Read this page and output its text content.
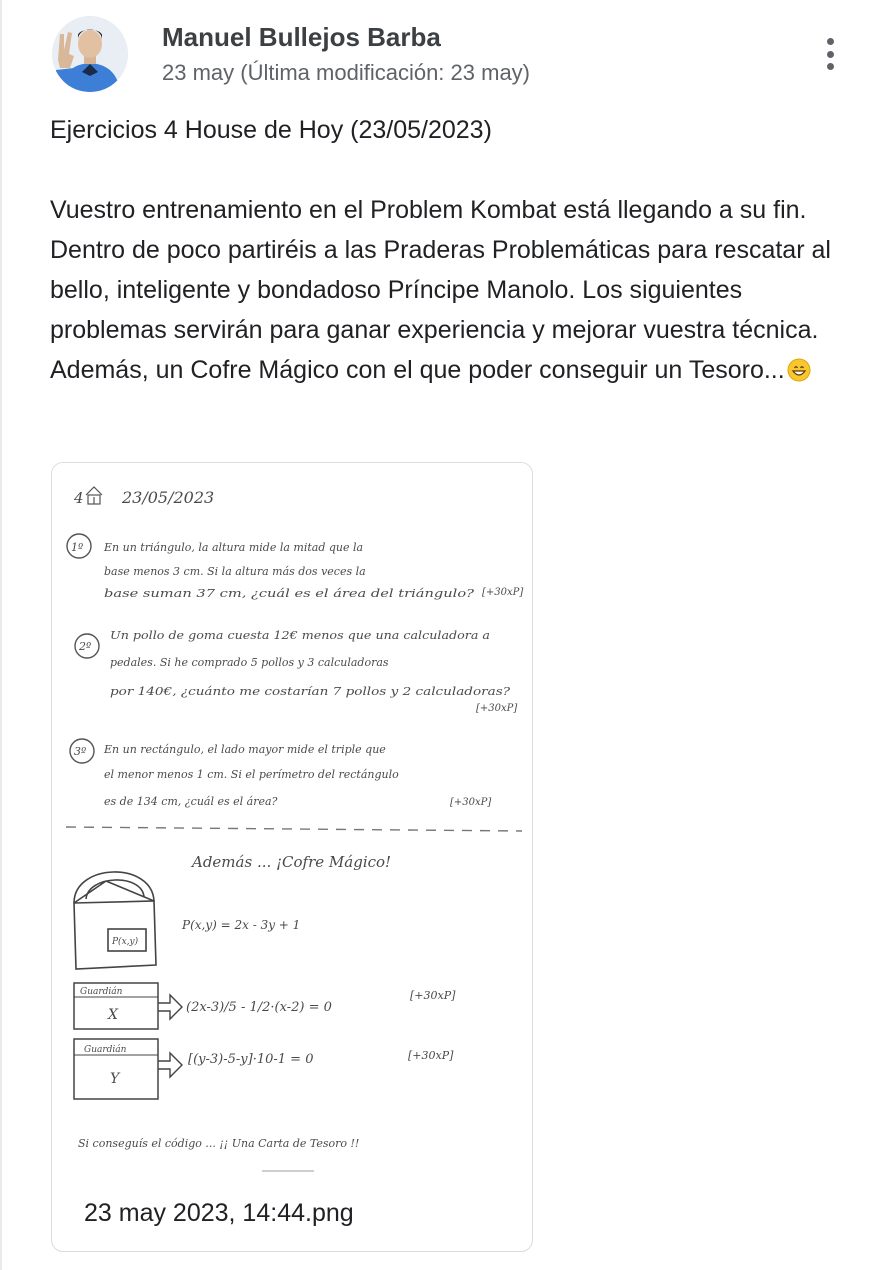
Manuel Bullejos Barba
23 may (Última modificación: 23 may)
Ejercicios 4 House de Hoy (23/05/2023)

Vuestro entrenamiento en el Problem Kombat está llegando a su fin. Dentro de poco partiréis a las Praderas Problemáticas para rescatar al bello, inteligente y bondadoso Príncipe Manolo. Los siguientes problemas servirán para ganar experiencia y mejorar vuestra técnica. Además, un Cofre Mágico con el que poder conseguir un Tesoro...

4 23/05/2023
1º En un triángulo, la altura mide la mitad que la
base menos 3 cm. Si la altura más dos veces la
base suman 37 cm, ¿cuál es el área del triángulo? [+30xP]
2º
Un pollo de goma cuesta 12€ menos que una calculadora a
pedales. Si he comprado 5 pollos y 3 calculadoras
por 140€, ¿cuánto me costarían 7 pollos y 2 calculadoras?
[+30xP]
3º En un rectángulo, el lado mayor mide el triple que
el menor menos 1 cm. Si el perímetro del rectángulo
es de 134 cm, ¿cuál es el área?	[+30xP]
Además ... ¡Cofre Mágico!
P(x,y)
P(x,y) = 2x - 3y + 1
Guardián
X	(2x-3)/5 - 1/2·(x-2) = 0
[+30xP]
Guardián
Y
[(y-3)-5-y]·10-1 = 0	[+30xP]
Si conseguís el código ... ¡¡ Una Carta de Tesoro !!
23 may 2023, 14:44.png
